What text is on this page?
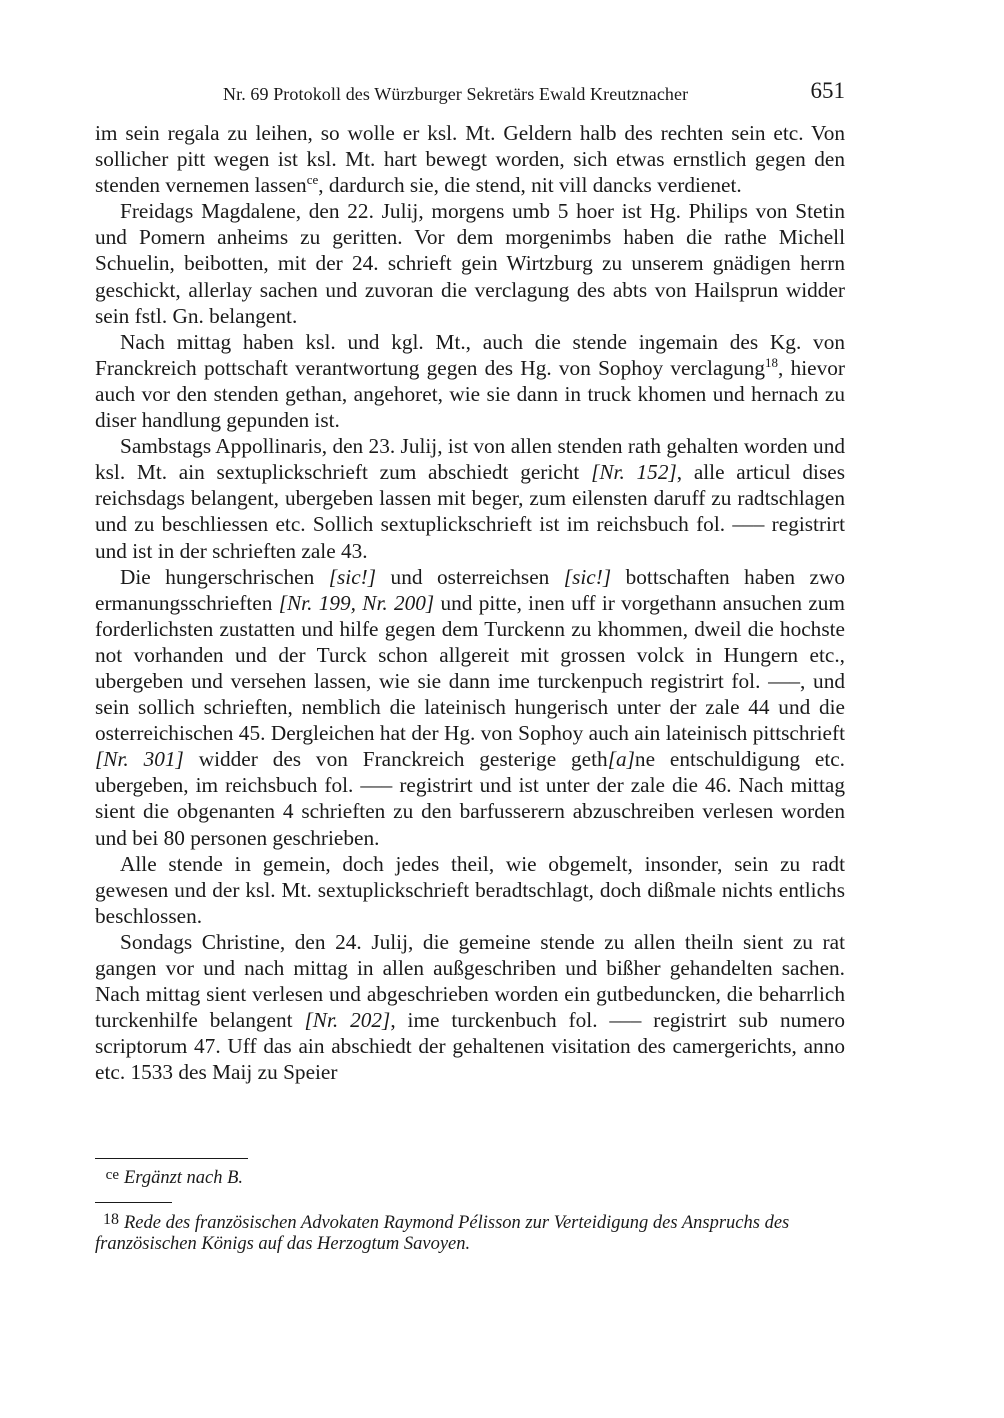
Nr. 69 Protokoll des Würzburger Sekretärs Ewald Kreutznacher	651

im sein regala zu leihen, so wolle er ksl. Mt. Geldern halb des rechten sein etc. Von sollicher pitt wegen ist ksl. Mt. hart bewegt worden, sich etwas ernstlich gegen den stenden vernemen lassen$^{ce}$, dardurch sie, die stend, nit vill dancks verdienet.

Freidags Magdalene, den 22. Julij, morgens umb 5 hoer ist Hg. Philips von Stetin und Pomern anheims zu geritten. Vor dem morgenimbs haben die rathe Michell Schuelin, beibotten, mit der 24. schrieft gein Wirtzburg zu unserem gnädigen herrn geschickt, allerlay sachen und zuvoran die verclagung des abts von Hailsprun widder sein fstl. Gn. belangent.

Nach mittag haben ksl. und kgl. Mt., auch die stende ingemain des Kg. von Franckreich pottschaft verantwortung gegen des Hg. von Sophoy verclagung$^{18}$, hievor auch vor den stenden gethan, angehoret, wie sie dann in truck khomen und hernach zu diser handlung gepunden ist.

Sambstags Appollinaris, den 23. Julij, ist von allen stenden rath gehalten worden und ksl. Mt. ain sextuplickschrieft zum abschiedt gericht [Nr. 152], alle articul dises reichsdags belangent, ubergeben lassen mit beger, zum eilensten daruff zu radtschlagen und zu beschliessen etc. Sollich sextuplickschrieft ist im reichsbuch fol. ––– registrirt und ist in der schrieften zale 43.

Die hungerschrischen [sic!] und osterreichsen [sic!] bottschaften haben zwo ermanungsschrieften [Nr. 199, Nr. 200] und pitte, inen uff ir vorgethann ansuchen zum forderlichsten zustatten und hilfe gegen dem Turckenn zu khommen, dweil die hochste not vorhanden und der Turck schon allgereit mit grossen volck in Hungern etc., ubergeben und versehen lassen, wie sie dann ime turckenpuch registrirt fol. –––, und sein sollich schrieften, nemblich die lateinisch hungerisch unter der zale 44 und die osterreichischen 45. Dergleichen hat der Hg. von Sophoy auch ain lateinisch pittschrieft [Nr. 301] widder des von Franckreich gesterige geth[a]ne entschuldigung etc. ubergeben, im reichsbuch fol. ––– registrirt und ist unter der zale die 46. Nach mittag sient die obgenanten 4 schrieften zu den barfusserern abzuschreiben verlesen worden und bei 80 personen geschrieben.

Alle stende in gemein, doch jedes theil, wie obgemelt, insonder, sein zu radt gewesen und der ksl. Mt. sextuplickschrieft beradtschlagt, doch dißmale nichts entlichs beschlossen.

Sondags Christine, den 24. Julij, die gemeine stende zu allen theiln sient zu rat gangen vor und nach mittag in allen außgeschriben und bißher gehandelten sachen. Nach mittag sient verlesen und abgeschrieben worden ein gutbeduncken, die beharrlich turckenhilfe belangent [Nr. 202], ime turckenbuch fol. ––– registrirt sub numero scriptorum 47. Uff das ain abschiedt der gehaltenen visitation des camergerichts, anno etc. 1533 des Maij zu Speier

ce Ergänzt nach B.
18 Rede des französischen Advokaten Raymond Pélisson zur Verteidigung des Anspruchs des französischen Königs auf das Herzogtum Savoyen.
